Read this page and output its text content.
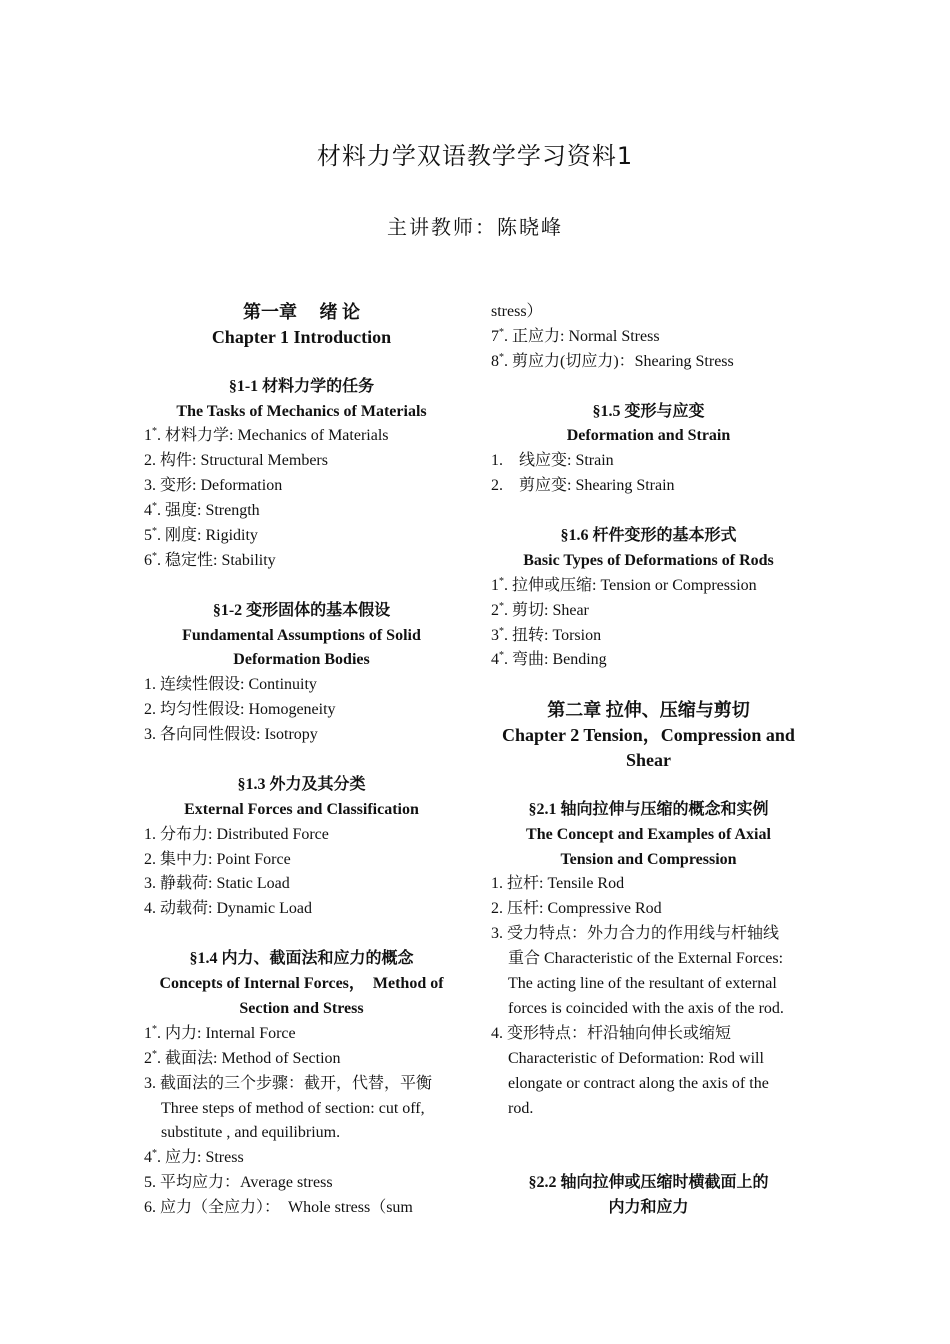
材料力学双语教学学习资料1
主讲教师：陈晓峰
第一章　 绪 论
Chapter 1 Introduction
§1-1 材料力学的任务
The Tasks of Mechanics of Materials
1*. 材料力学: Mechanics of Materials
2. 构件: Structural Members
3. 变形: Deformation
4*. 强度: Strength
5*. 刚度: Rigidity
6*. 稳定性: Stability
§1-2 变形固体的基本假设
Fundamental Assumptions of Solid
Deformation Bodies
1. 连续性假设: Continuity
2. 均匀性假设: Homogeneity
3. 各向同性假设: Isotropy
§1.3 外力及其分类
External Forces and Classification
1. 分布力: Distributed Force
2. 集中力: Point Force
3. 静载荷: Static Load
4. 动载荷: Dynamic Load
§1.4 内力、截面法和应力的概念
Concepts of Internal Forces，　Method of
Section and Stress
1*. 内力: Internal Force
2*. 截面法: Method of Section
3. 截面法的三个步骤：截开，代替，平衡
Three steps of method of section: cut off,
substitute , and equilibrium.
4*. 应力: Stress
5. 平均应力：Average stress
6. 应力（全应力）：　Whole stress（sum
stress）
7*. 正应力: Normal Stress
8*. 剪应力(切应力)：Shearing Stress
§1.5 变形与应变
Deformation and Strain
1.　线应变: Strain
2.　剪应变: Shearing Strain
§1.6 杆件变形的基本形式
Basic Types of Deformations of Rods
1*. 拉伸或压缩: Tension or Compression
2*. 剪切: Shear
3*. 扭转: Torsion
4*. 弯曲: Bending
第二章 拉伸、压缩与剪切
Chapter 2 Tension，Compression and
Shear
§2.1 轴向拉伸与压缩的概念和实例
The Concept and Examples of Axial
Tension and Compression
1. 拉杆: Tensile Rod
2. 压杆: Compressive Rod
3. 受力特点：外力合力的作用线与杆轴线
重合 Characteristic of the External Forces:
The acting line of the resultant of external
forces is coincided with the axis of the rod.
4. 变形特点：杆沿轴向伸长或缩短
Characteristic of Deformation: Rod will
elongate or contract along the axis of the
rod.
§2.2 轴向拉伸或压缩时横截面上的
内力和应力
